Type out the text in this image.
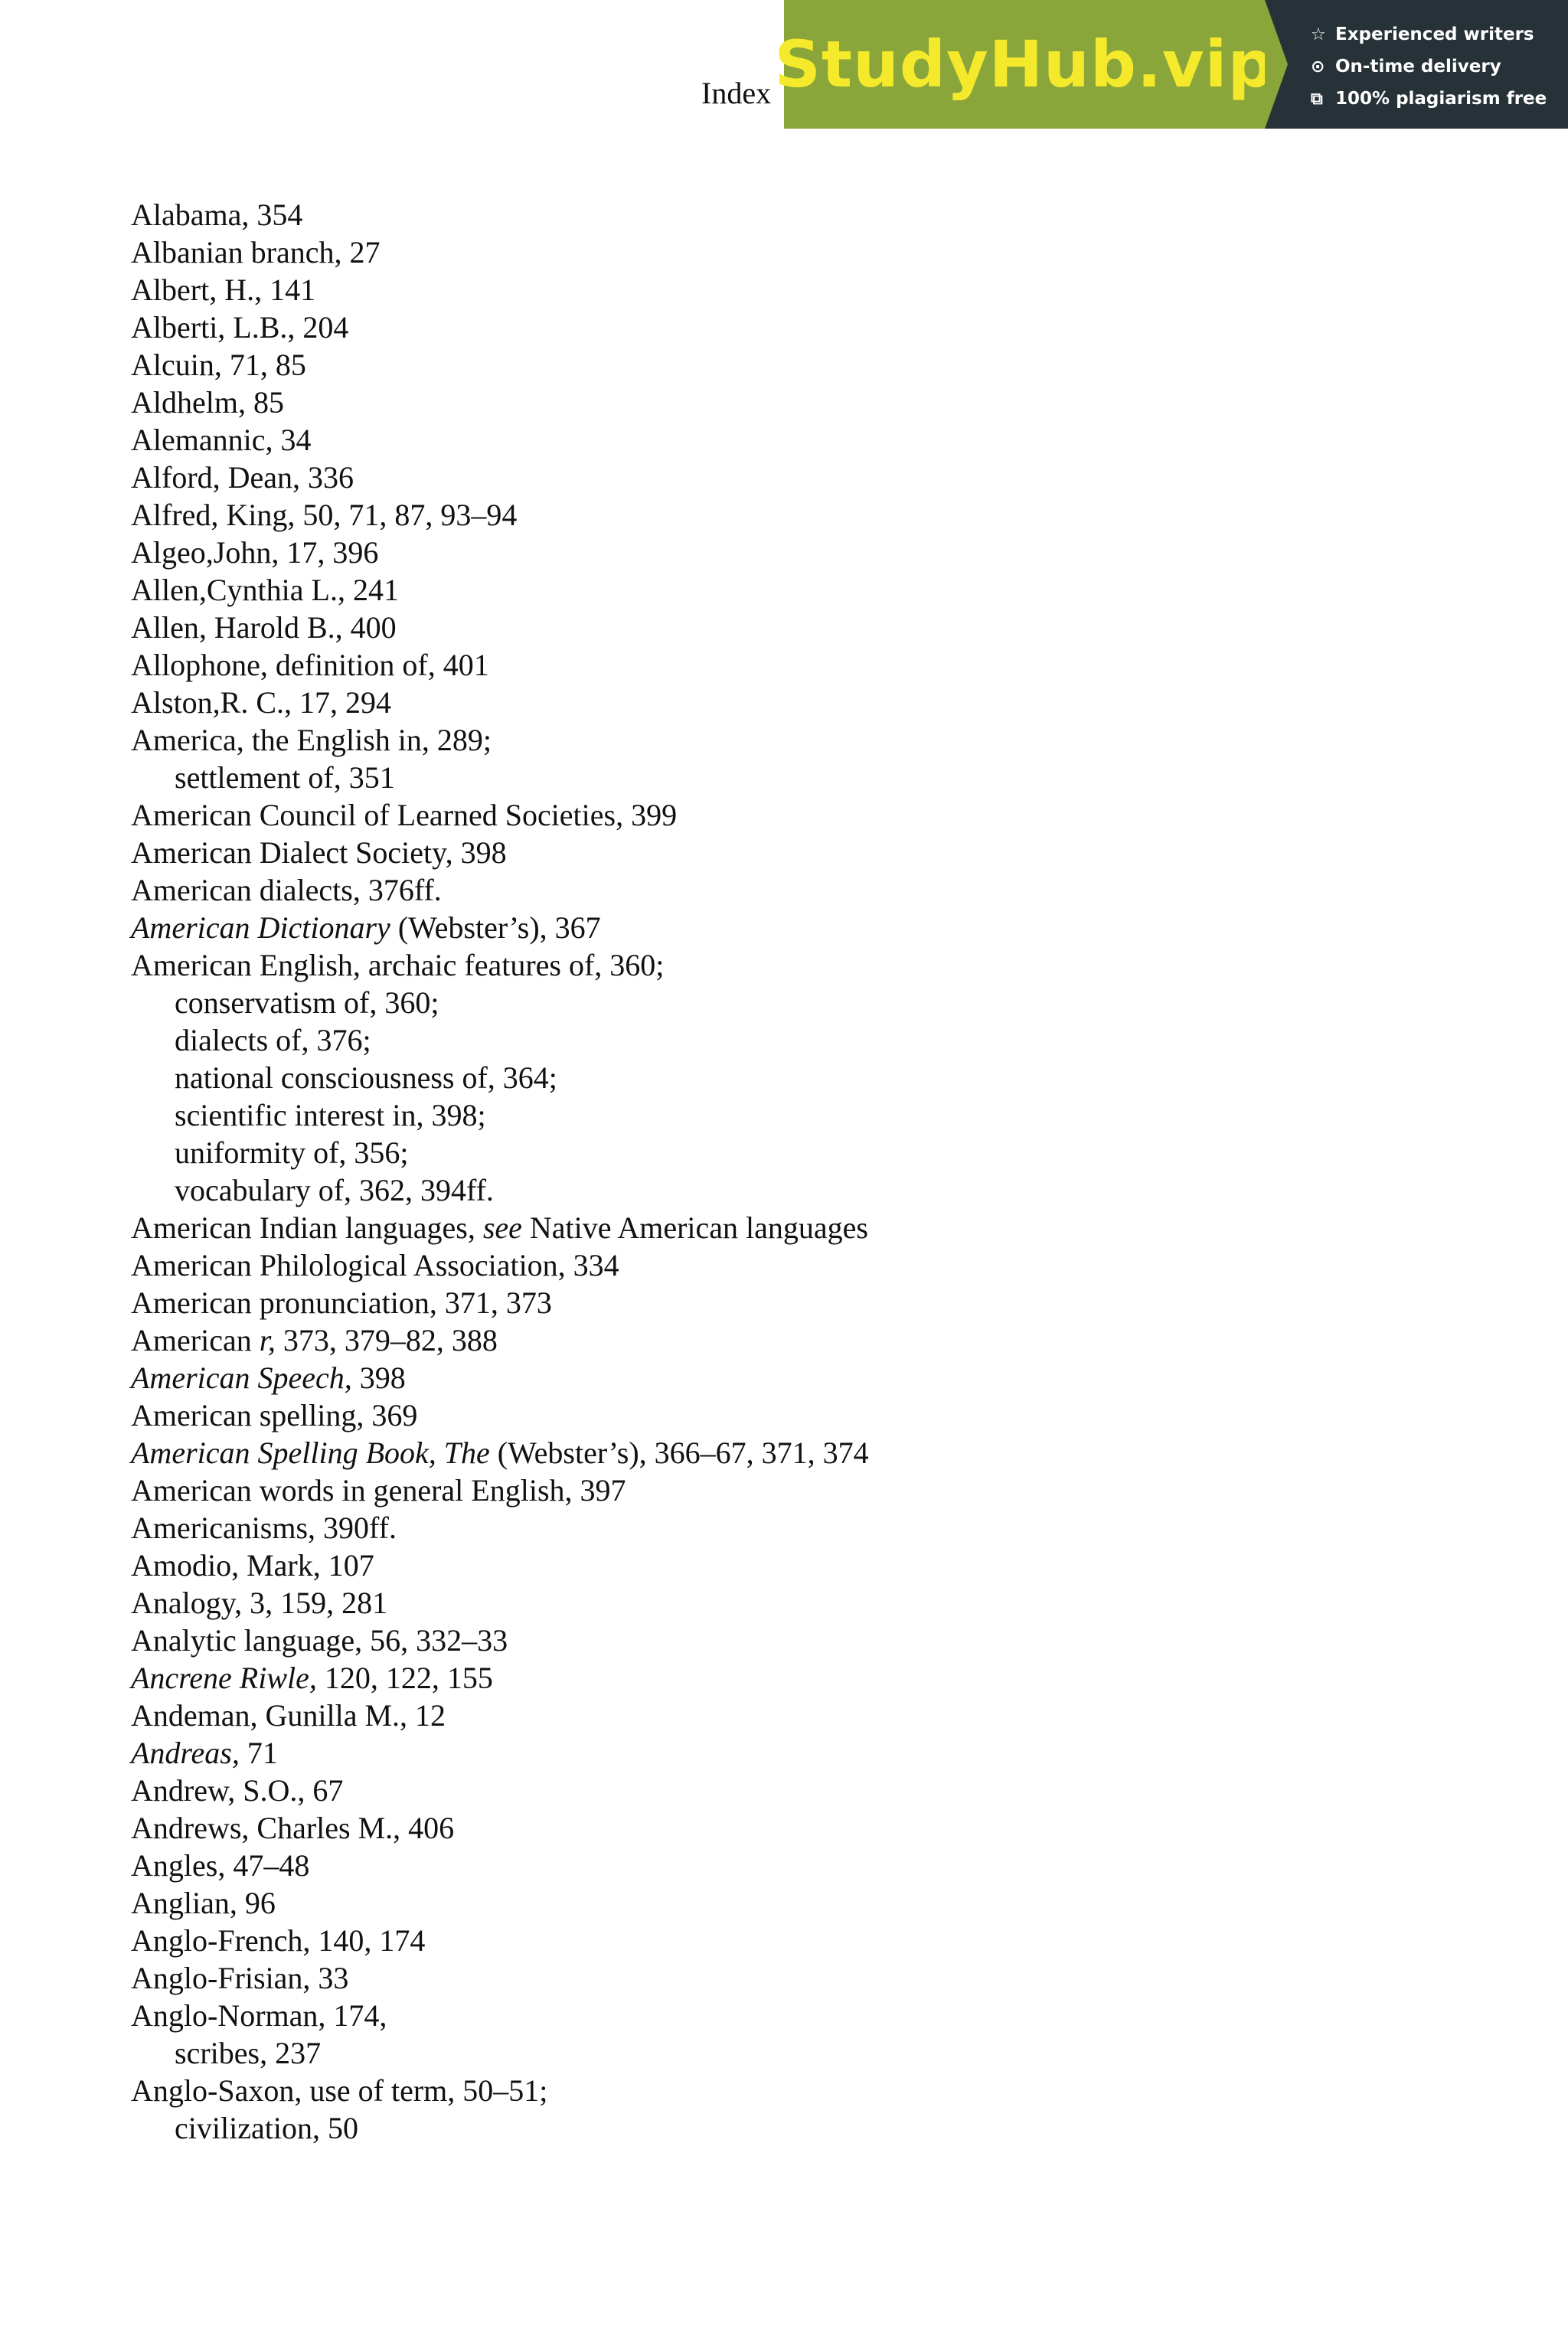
Index StudyHub.vip ☆ Experienced writers
⊙ On-time delivery
⧉ 100% plagiarism free
Alabama, 354
Albanian branch, 27
Albert, H., 141
Alberti, L.B., 204
Alcuin, 71, 85
Aldhelm, 85
Alemannic, 34
Alford, Dean, 336
Alfred, King, 50, 71, 87, 93–94
Algeo,John, 17, 396
Allen,Cynthia L., 241
Allen, Harold B., 400
Allophone, definition of, 401
Alston,R. C., 17, 294
America, the English in, 289;
settlement of, 351
American Council of Learned Societies, 399
American Dialect Society, 398
American dialects, 376ff.
American Dictionary (Webster’s), 367
American English, archaic features of, 360;
conservatism of, 360;
dialects of, 376;
national consciousness of, 364;
scientific interest in, 398;
uniformity of, 356;
vocabulary of, 362, 394ff.
American Indian languages, see Native American languages
American Philological Association, 334
American pronunciation, 371, 373
American r, 373, 379–82, 388
American Speech, 398
American spelling, 369
American Spelling Book, The (Webster’s), 366–67, 371, 374
American words in general English, 397
Americanisms, 390ff.
Amodio, Mark, 107
Analogy, 3, 159, 281
Analytic language, 56, 332–33
Ancrene Riwle, 120, 122, 155
Andeman, Gunilla M., 12
Andreas, 71
Andrew, S.O., 67
Andrews, Charles M., 406
Angles, 47–48
Anglian, 96
Anglo-French, 140, 174
Anglo-Frisian, 33
Anglo-Norman, 174,
scribes, 237
Anglo-Saxon, use of term, 50–51;
civilization, 50
